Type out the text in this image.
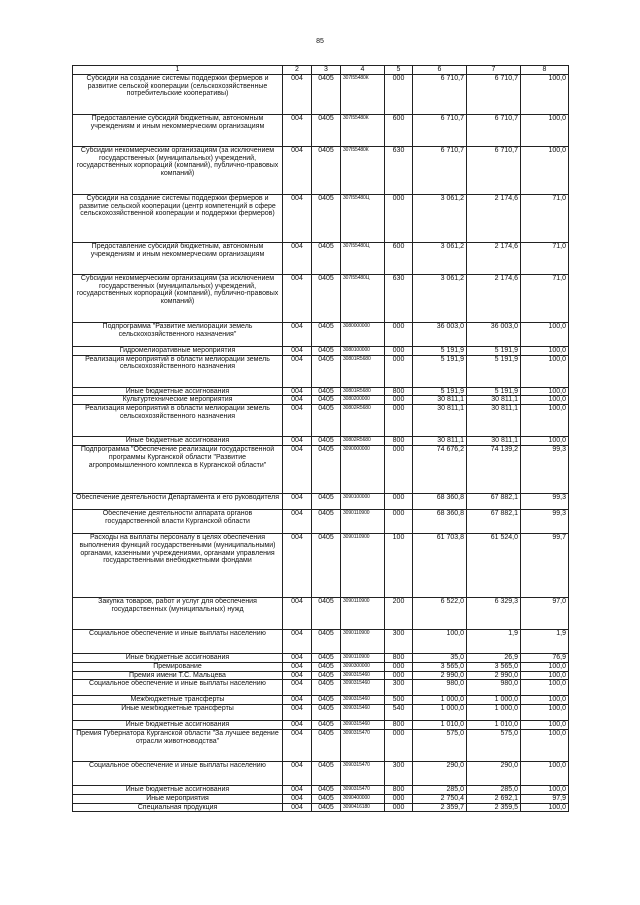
85
1	2	3	4	5	6	7	8
Субсидии на создание системы поддержки фермеров и развитие сельской кооперации (сельскохозяйственные потребительские кооперативы)	004	0405	307I55480К	000	6 710,7	6 710,7	100,0
Предоставление субсидий бюджетным, автономным учреждениям и иным некоммерческим организациям	004	0405	307I55480К	600	6 710,7	6 710,7	100,0
Субсидии некоммерческим организациям (за исключением государственных (муниципальных) учреждений, государственных корпораций (компаний), публично-правовых компаний)	004	0405	307I55480К	630	6 710,7	6 710,7	100,0
Субсидии на создание системы поддержки фермеров и развитие сельской кооперации (центр компетенций в сфере сельскохозяйственной кооперации и поддержки фермеров)	004	0405	307I55480Ц	000	3 061,2	2 174,6	71,0
Предоставление субсидий бюджетным, автономным учреждениям и иным некоммерческим организациям	004	0405	307I55480Ц	600	3 061,2	2 174,6	71,0
Субсидии некоммерческим организациям (за исключением государственных (муниципальных) учреждений, государственных корпораций (компаний), публично-правовых компаний)	004	0405	307I55480Ц	630	3 061,2	2 174,6	71,0
Подпрограмма "Развитие мелиорации земель сельскохозяйственного назначения"	004	0405	3080000000	000	36 003,0	36 003,0	100,0
Гидромелиоративные мероприятия	004	0405	3080100000	000	5 191,9	5 191,9	100,0
Реализация мероприятий в области мелиорации земель сельскохозяйственного назначения	004	0405	30801R5680	000	5 191,9	5 191,9	100,0
Иные бюджетные ассигнования	004	0405	30801R5680	800	5 191,9	5 191,9	100,0
Культуртехнические мероприятия	004	0405	3080200000	000	30 811,1	30 811,1	100,0
Реализация мероприятий в области мелиорации земель сельскохозяйственного назначения	004	0405	30802R5680	000	30 811,1	30 811,1	100,0
Иные бюджетные ассигнования	004	0405	30802R5680	800	30 811,1	30 811,1	100,0
Подпрограмма "Обеспечение реализации государственной программы Курганской области "Развитие агропромышленного комплекса в Курганской области"	004	0405	3090000000	000	74 676,2	74 139,2	99,3
Обеспечение деятельности Департамента и его руководителя	004	0405	3090100000	000	68 360,8	67 882,1	99,3
Обеспечение деятельности аппарата органов государственной власти Курганской области	004	0405	3090110900	000	68 360,8	67 882,1	99,3
Расходы на выплаты персоналу в целях обеспечения выполнения функций государственными (муниципальными) органами, казенными учреждениями, органами управления государственными внебюджетными фондами	004	0405	3090110900	100	61 703,8	61 524,0	99,7
Закупка товаров, работ и услуг для обеспечения государственных (муниципальных) нужд	004	0405	3090110900	200	6 522,0	6 329,3	97,0
Социальное обеспечение и иные выплаты населению	004	0405	3090110900	300	100,0	1,9	1,9
Иные бюджетные ассигнования	004	0405	3090110900	800	35,0	26,9	76,9
Премирование	004	0405	3090300000	000	3 565,0	3 565,0	100,0
Премия имени Т.С. Мальцева	004	0405	3090315460	000	2 990,0	2 990,0	100,0
Социальное обеспечение и иные выплаты населению	004	0405	3090315460	300	980,0	980,0	100,0
Межбюджетные трансферты	004	0405	3090315460	500	1 000,0	1 000,0	100,0
Иные межбюджетные трансферты	004	0405	3090315460	540	1 000,0	1 000,0	100,0
Иные бюджетные ассигнования	004	0405	3090315460	800	1 010,0	1 010,0	100,0
Премия Губернатора Курганской области "За лучшее ведение отрасли животноводства"	004	0405	3090315470	000	575,0	575,0	100,0
Социальное обеспечение и иные выплаты населению	004	0405	3090315470	300	290,0	290,0	100,0
Иные бюджетные ассигнования	004	0405	3090315470	800	285,0	285,0	100,0
Иные мероприятия	004	0405	3090400000	000	2 750,4	2 692,1	97,9
Специальная продукция	004	0405	3090416180	000	2 359,7	2 359,5	100,0
